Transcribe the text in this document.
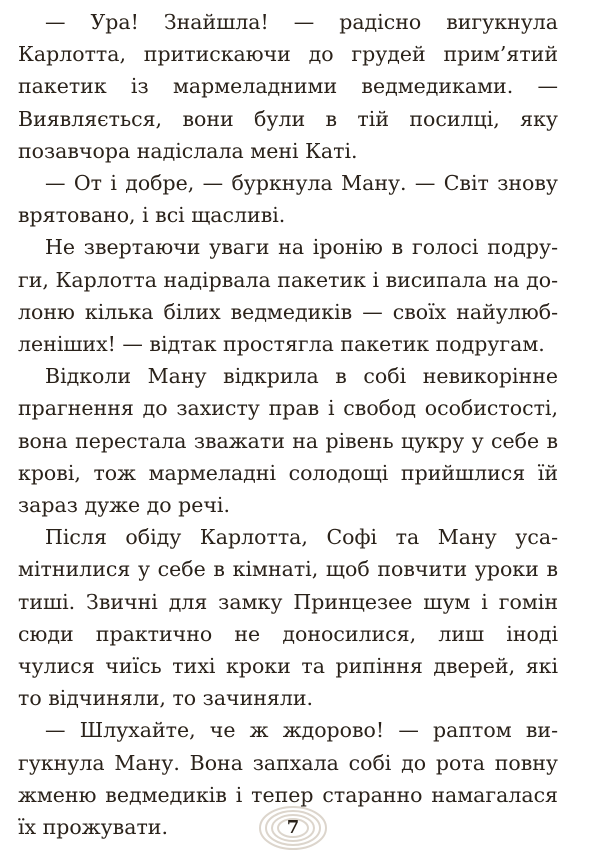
— Ура! Знайшла! — радісно вигукнула Карлотта, притискаючи до грудей прим’ятий пакетик із мармеладними ведмедиками. — Виявляється, вони були в тій посилці, яку позавчора надіслала мені Каті.

— От і добре, — буркнула Ману. — Світ знову врятовано, і всі щасливі.

Не звертаючи уваги на іронію в голосі подруги, Карлотта надірвала пакетик і висипала на долоню кілька білих ведмедиків — своїх найулюбленіших! — відтак простягла пакетик подругам.

Відколи Ману відкрила в собі невикорінне прагнення до захисту прав і свобод особистості, вона перестала зважати на рівень цукру у себе в крові, тож мармеладні солодощі прийшлися їй зараз дуже до речі.

Після обіду Карлотта, Софі та Ману усамітнилися у себе в кімнаті, щоб повчити уроки в тиші. Звичні для замку Принцезее шум і гомін сюди практично не доносилися, лиш іноді чулися чиїсь тихі кроки та рипіння дверей, які то відчиняли, то зачиняли.

— Шлухайте, че ж ждорово! — раптом вигукнула Ману. Вона запхала собі до рота повну жменю ведмедиків і тепер старанно намагалася їх прожувати.	7
